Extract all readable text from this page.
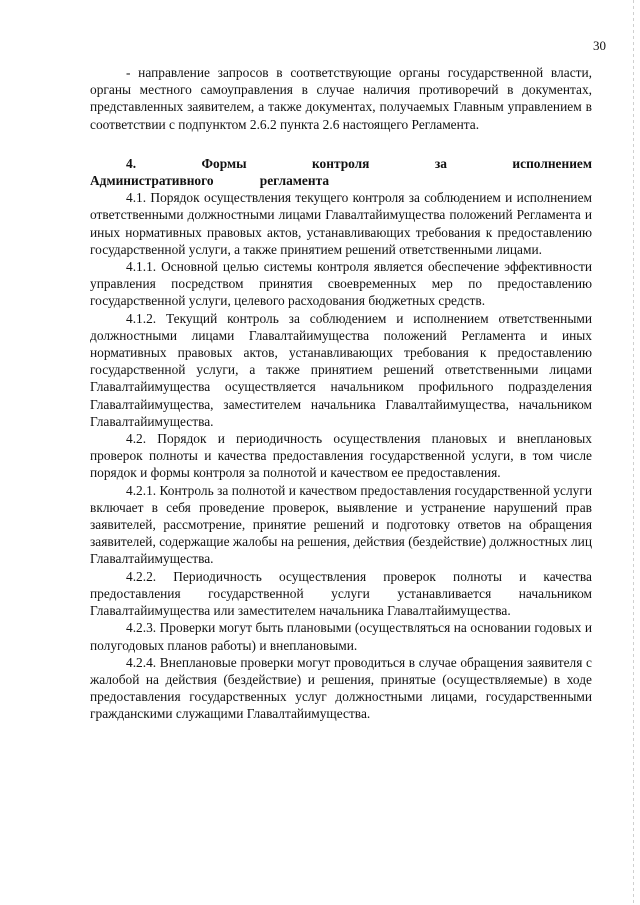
30

- направление запросов в соответствующие органы государственной власти, органы местного самоуправления в случае наличия противоречий в документах, представленных заявителем, а также документах, получаемых Главным управлением в соответствии с подпунктом 2.6.2 пункта 2.6 настоящего Регламента.

4. Формы контроля за исполнением Административного регламента

4.1. Порядок осуществления текущего контроля за соблюдением и исполнением ответственными должностными лицами Главалтайимущества положений Регламента и иных нормативных правовых актов, устанавливающих требования к предоставлению государственной услуги, а также принятием решений ответственными лицами.

4.1.1. Основной целью системы контроля является обеспечение эффективности управления посредством принятия своевременных мер по предоставлению государственной услуги, целевого расходования бюджетных средств.

4.1.2. Текущий контроль за соблюдением и исполнением ответственными должностными лицами Главалтайимущества положений Регламента и иных нормативных правовых актов, устанавливающих требования к предоставлению государственной услуги, а также принятием решений ответственными лицами Главалтайимущества осуществляется начальником профильного подразделения Главалтайимущества, заместителем начальника Главалтайимущества, начальником Главалтайимущества.

4.2. Порядок и периодичность осуществления плановых и внеплановых проверок полноты и качества предоставления государственной услуги, в том числе порядок и формы контроля за полнотой и качеством ее предоставления.

4.2.1. Контроль за полнотой и качеством предоставления государственной услуги включает в себя проведение проверок, выявление и устранение нарушений прав заявителей, рассмотрение, принятие решений и подготовку ответов на обращения заявителей, содержащие жалобы на решения, действия (бездействие) должностных лиц Главалтайимущества.

4.2.2. Периодичность осуществления проверок полноты и качества предоставления государственной услуги устанавливается начальником Главалтайимущества или заместителем начальника Главалтайимущества.

4.2.3. Проверки могут быть плановыми (осуществляться на основании годовых и полугодовых планов работы) и внеплановыми.

4.2.4. Внеплановые проверки могут проводиться в случае обращения заявителя с жалобой на действия (бездействие) и решения, принятые (осуществляемые) в ходе предоставления государственных услуг должностными лицами, государственными гражданскими служащими Главалтайимущества.
